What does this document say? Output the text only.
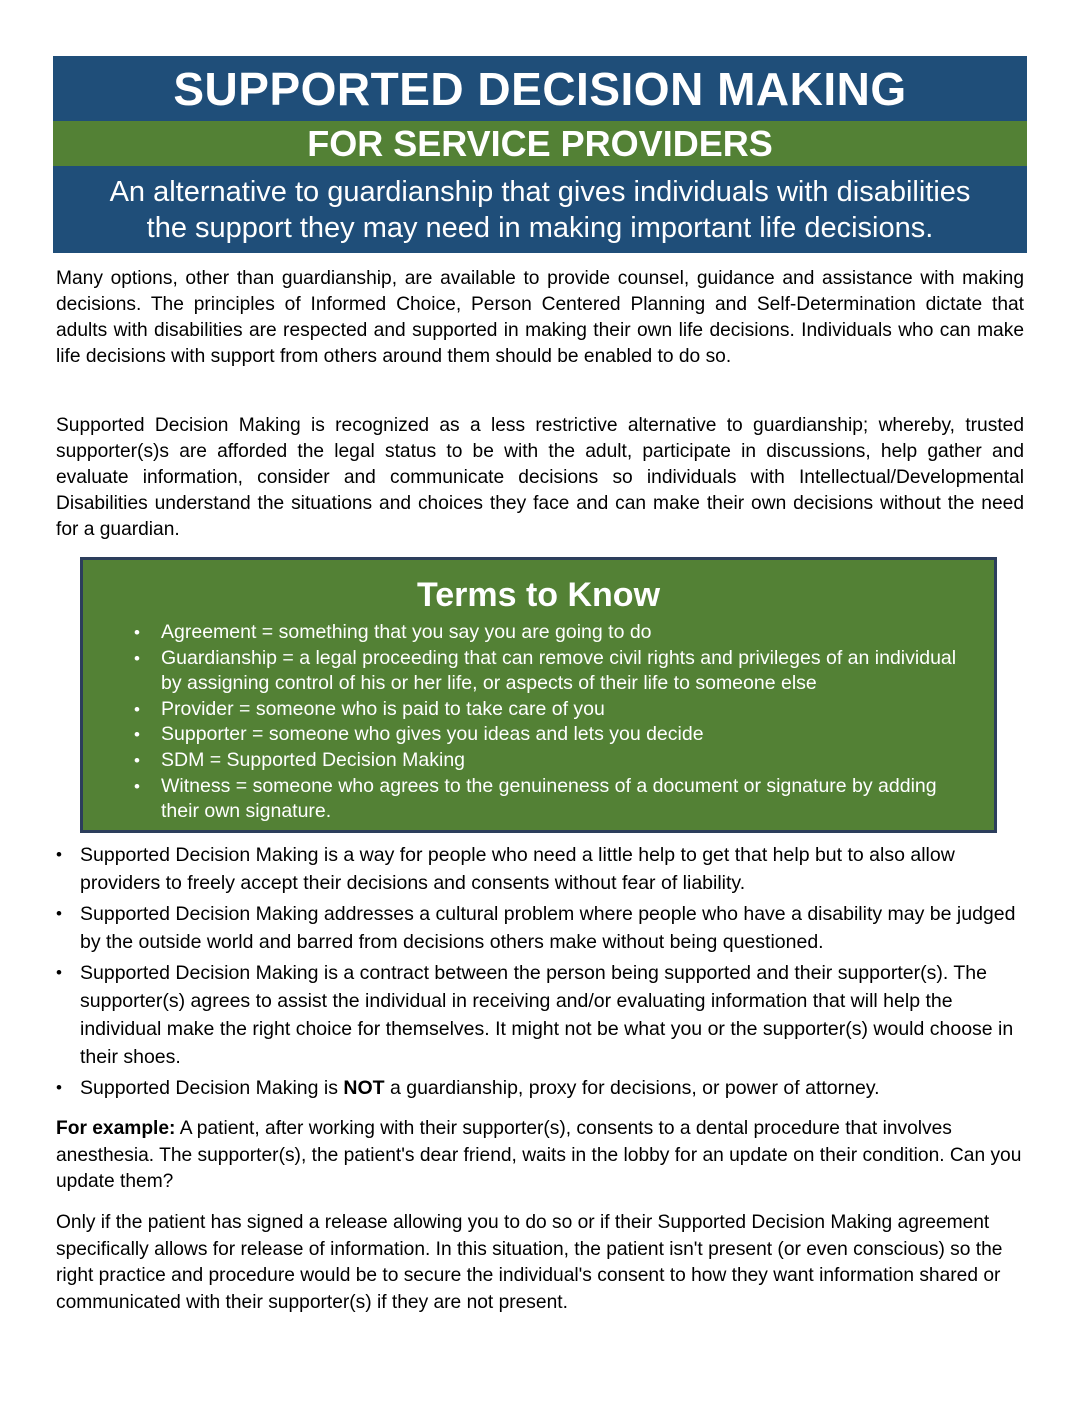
SUPPORTED DECISION MAKING
FOR SERVICE PROVIDERS

An alternative to guardianship that gives individuals with disabilities
the support they may need in making important life decisions.

Many options, other than guardianship, are available to provide counsel, guidance and assistance with making decisions. The principles of Informed Choice, Person Centered Planning and Self-Determination dictate that adults with disabilities are respected and supported in making their own life decisions. Individuals who can make life decisions with support from others around them should be enabled to do so.

Supported Decision Making is recognized as a less restrictive alternative to guardianship; whereby, trusted supporter(s)s are afforded the legal status to be with the adult, participate in discussions, help gather and evaluate information, consider and communicate decisions so individuals with Intellectual/Developmental Disabilities understand the situations and choices they face and can make their own decisions without the need for a guardian.

Terms to Know
• Agreement = something that you say you are going to do
• Guardianship = a legal proceeding that can remove civil rights and privileges of an individual by assigning control of his or her life, or aspects of their life to someone else
• Provider = someone who is paid to take care of you
• Supporter = someone who gives you ideas and lets you decide
• SDM = Supported Decision Making
• Witness = someone who agrees to the genuineness of a document or signature by adding their own signature.
• Supported Decision Making is a way for people who need a little help to get that help but to also allow providers to freely accept their decisions and consents without fear of liability.
• Supported Decision Making addresses a cultural problem where people who have a disability may be judged by the outside world and barred from decisions others make without being questioned.
• Supported Decision Making is a contract between the person being supported and their supporter(s). The supporter(s) agrees to assist the individual in receiving and/or evaluating information that will help the individual make the right choice for themselves. It might not be what you or the supporter(s) would choose in their shoes.
• Supported Decision Making is NOT a guardianship, proxy for decisions, or power of attorney.

For example: A patient, after working with their supporter(s), consents to a dental procedure that involves anesthesia. The supporter(s), the patient's dear friend, waits in the lobby for an update on their condition. Can you update them?

Only if the patient has signed a release allowing you to do so or if their Supported Decision Making agreement specifically allows for release of information. In this situation, the patient isn't present (or even conscious) so the right practice and procedure would be to secure the individual's consent to how they want information shared or communicated with their supporter(s) if they are not present.
